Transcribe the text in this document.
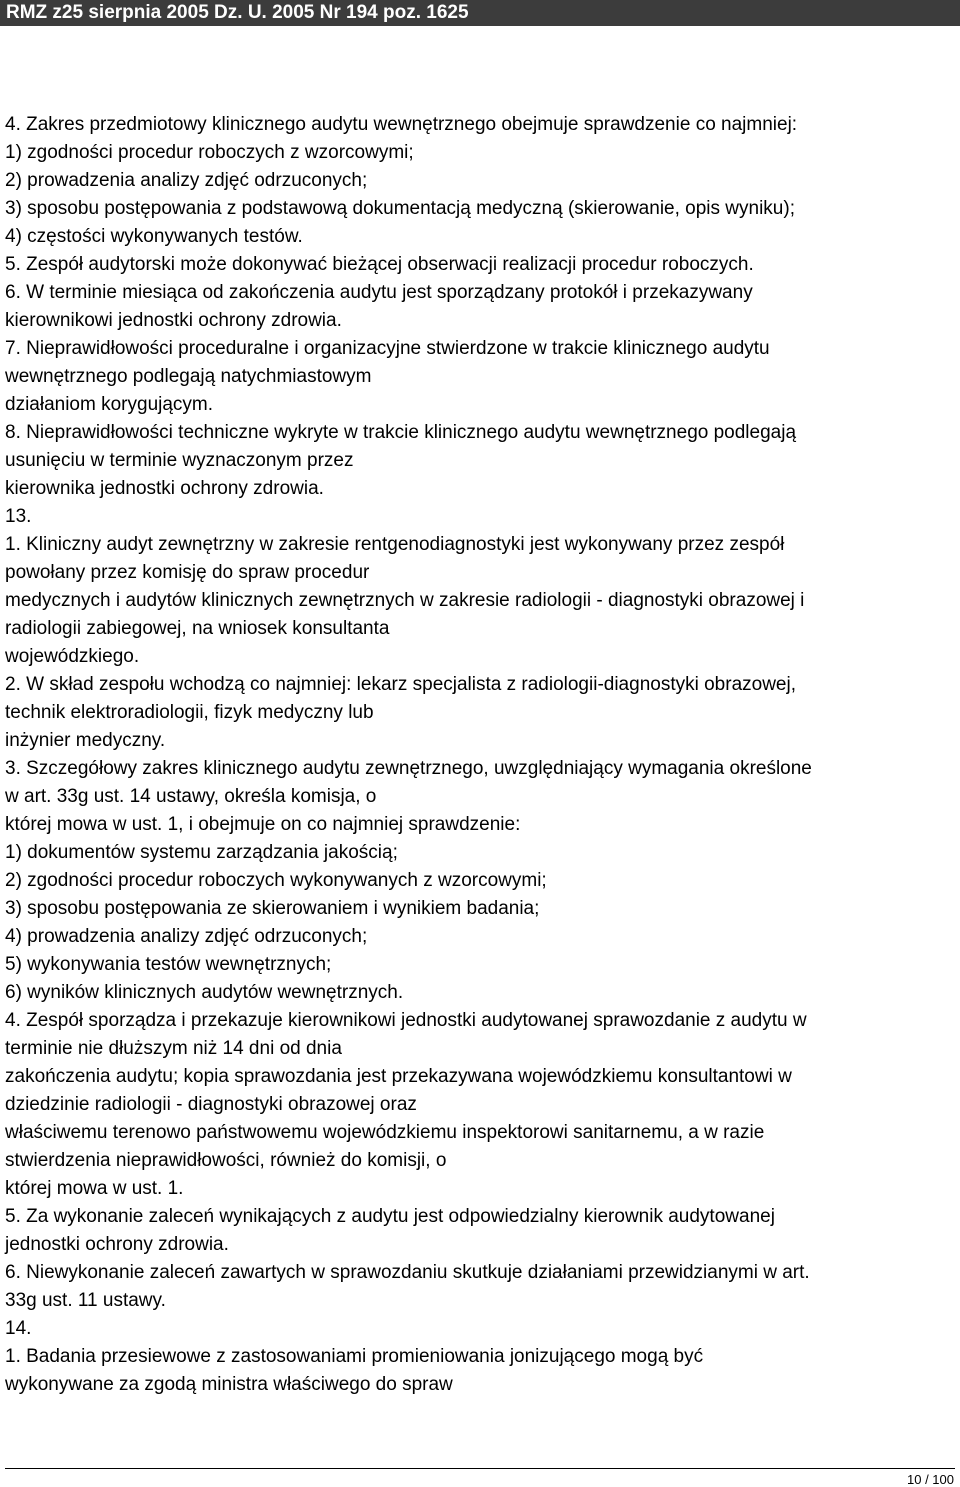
RMZ z25 sierpnia 2005 Dz. U. 2005 Nr 194 poz. 1625
4. Zakres przedmiotowy klinicznego audytu wewnętrznego obejmuje sprawdzenie co najmniej:
1) zgodności procedur roboczych z wzorcowymi;
2) prowadzenia analizy zdjęć odrzuconych;
3) sposobu postępowania z podstawową dokumentacją medyczną (skierowanie, opis wyniku);
4) częstości wykonywanych testów.
5. Zespół audytorski może dokonywać bieżącej obserwacji realizacji procedur roboczych.
6. W terminie miesiąca od zakończenia audytu jest sporządzany protokół i przekazywany
kierownikowi jednostki ochrony zdrowia.
7. Nieprawidłowości proceduralne i organizacyjne stwierdzone w trakcie klinicznego audytu
wewnętrznego podlegają natychmiastowym
działaniom korygującym.
8. Nieprawidłowości techniczne wykryte w trakcie klinicznego audytu wewnętrznego podlegają
usunięciu w terminie wyznaczonym przez
kierownika jednostki ochrony zdrowia.
13.
1. Kliniczny audyt zewnętrzny w zakresie rentgenodiagnostyki jest wykonywany przez zespół
powołany przez komisję do spraw procedur
medycznych i audytów klinicznych zewnętrznych w zakresie radiologii - diagnostyki obrazowej i
radiologii zabiegowej, na wniosek konsultanta
wojewódzkiego.
2. W skład zespołu wchodzą co najmniej: lekarz specjalista z radiologii-diagnostyki obrazowej,
technik elektroradiologii, fizyk medyczny lub
inżynier medyczny.
3. Szczegółowy zakres klinicznego audytu zewnętrznego, uwzględniający wymagania określone
w art. 33g ust. 14 ustawy, określa komisja, o
której mowa w ust. 1, i obejmuje on co najmniej sprawdzenie:
1) dokumentów systemu zarządzania jakością;
2) zgodności procedur roboczych wykonywanych z wzorcowymi;
3) sposobu postępowania ze skierowaniem i wynikiem badania;
4) prowadzenia analizy zdjęć odrzuconych;
5) wykonywania testów wewnętrznych;
6) wyników klinicznych audytów wewnętrznych.
4. Zespół sporządza i przekazuje kierownikowi jednostki audytowanej sprawozdanie z audytu w
terminie nie dłuższym niż 14 dni od dnia
zakończenia audytu; kopia sprawozdania jest przekazywana wojewódzkiemu konsultantowi w
dziedzinie radiologii - diagnostyki obrazowej oraz
właściwemu terenowo państwowemu wojewódzkiemu inspektorowi sanitarnemu, a w razie
stwierdzenia nieprawidłowości, również do komisji, o
której mowa w ust. 1.
5. Za wykonanie zaleceń wynikających z audytu jest odpowiedzialny kierownik audytowanej
jednostki ochrony zdrowia.
6. Niewykonanie zaleceń zawartych w sprawozdaniu skutkuje działaniami przewidzianymi w art.
33g ust. 11 ustawy.
14.
1. Badania przesiewowe z zastosowaniami promieniowania jonizującego mogą być
wykonywane za zgodą ministra właściwego do spraw
10 / 100
